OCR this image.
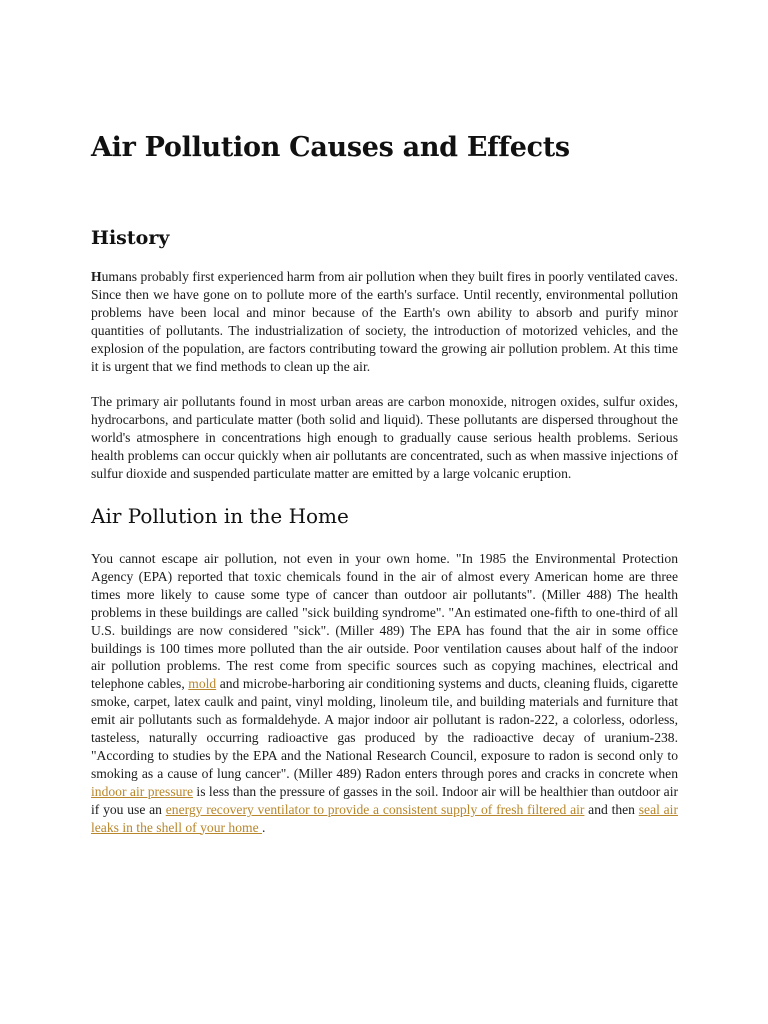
Air Pollution Causes and Effects
History

Humans probably first experienced harm from air pollution when they built fires in poorly ventilated caves. Since then we have gone on to pollute more of the earth's surface. Until recently, environmental pollution problems have been local and minor because of the Earth's own ability to absorb and purify minor quantities of pollutants. The industrialization of society, the introduction of motorized vehicles, and the explosion of the population, are factors contributing toward the growing air pollution problem. At this time it is urgent that we find methods to clean up the air.

The primary air pollutants found in most urban areas are carbon monoxide, nitrogen oxides, sulfur oxides, hydrocarbons, and particulate matter (both solid and liquid). These pollutants are dispersed throughout the world's atmosphere in concentrations high enough to gradually cause serious health problems. Serious health problems can occur quickly when air pollutants are concentrated, such as when massive injections of sulfur dioxide and suspended particulate matter are emitted by a large volcanic eruption.

Air Pollution in the Home

You cannot escape air pollution, not even in your own home. "In 1985 the Environmental Protection Agency (EPA) reported that toxic chemicals found in the air of almost every American home are three times more likely to cause some type of cancer than outdoor air pollutants". (Miller 488) The health problems in these buildings are called "sick building syndrome". "An estimated one-fifth to one-third of all U.S. buildings are now considered "sick". (Miller 489) The EPA has found that the air in some office buildings is 100 times more polluted than the air outside. Poor ventilation causes about half of the indoor air pollution problems. The rest come from specific sources such as copying machines, electrical and telephone cables, mold and microbe-harboring air conditioning systems and ducts, cleaning fluids, cigarette smoke, carpet, latex caulk and paint, vinyl molding, linoleum tile, and building materials and furniture that emit air pollutants such as formaldehyde. A major indoor air pollutant is radon-222, a colorless, odorless, tasteless, naturally occurring radioactive gas produced by the radioactive decay of uranium-238. "According to studies by the EPA and the National Research Council, exposure to radon is second only to smoking as a cause of lung cancer". (Miller 489) Radon enters through pores and cracks in concrete when indoor air pressure is less than the pressure of gasses in the soil. Indoor air will be healthier than outdoor air if you use an energy recovery ventilator to provide a consistent supply of fresh filtered air and then seal air leaks in the shell of your home .
